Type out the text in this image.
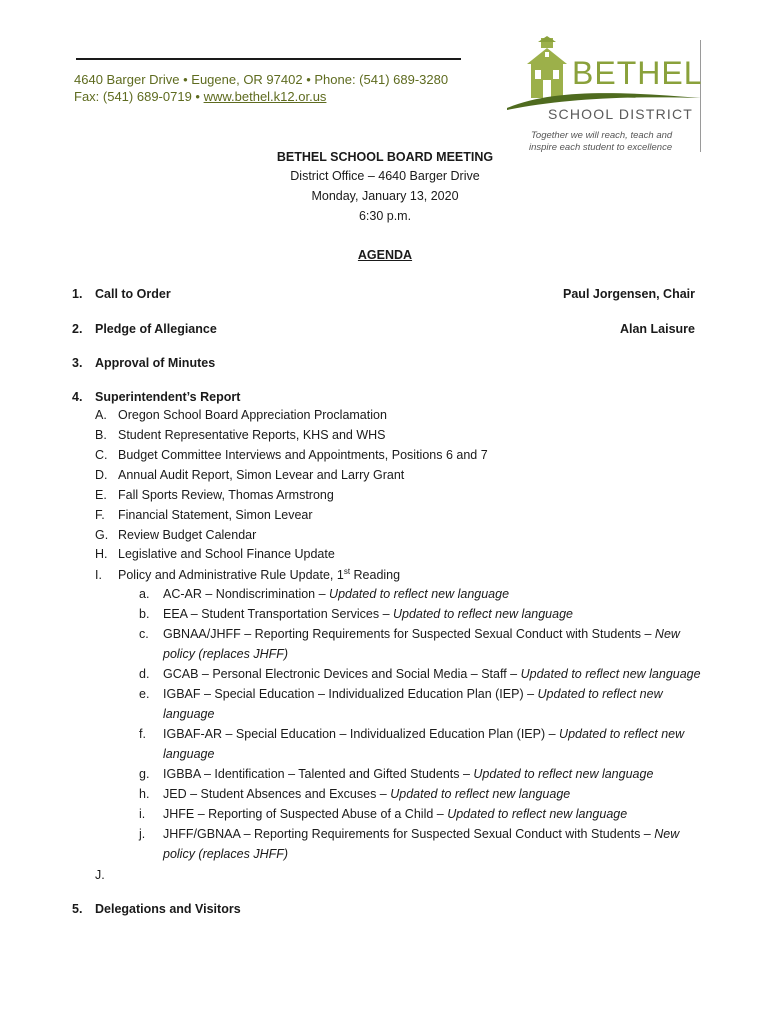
4640 Barger Drive • Eugene, OR 97402 • Phone: (541) 689-3280
Fax: (541) 689-0719 • www.bethel.k12.or.us
BETHEL
SCHOOL DISTRICT
Together we will reach, teach and
inspire each student to excellence
BETHEL SCHOOL BOARD MEETING
District Office – 4640 Barger Drive
Monday, January 13, 2020
6:30 p.m.
AGENDA
1. Call to Order	Paul Jorgensen, Chair
2. Pledge of Allegiance	Alan Laisure
3. Approval of Minutes
4. Superintendent’s Report
A. Oregon School Board Appreciation Proclamation
B. Student Representative Reports, KHS and WHS
C. Budget Committee Interviews and Appointments, Positions 6 and 7
D. Annual Audit Report, Simon Levear and Larry Grant
E. Fall Sports Review, Thomas Armstrong
F. Financial Statement, Simon Levear
G. Review Budget Calendar
H. Legislative and School Finance Update
I. Policy and Administrative Rule Update, 1st Reading
a. AC-AR – Nondiscrimination – Updated to reflect new language
b. EEA – Student Transportation Services – Updated to reflect new language
c. GBNAA/JHFF – Reporting Requirements for Suspected Sexual Conduct with Students – New policy (replaces JHFF)
d. GCAB – Personal Electronic Devices and Social Media – Staff – Updated to reflect new language
e. IGBAF – Special Education – Individualized Education Plan (IEP) – Updated to reflect new language
f. IGBAF-AR – Special Education – Individualized Education Plan (IEP) – Updated to reflect new language
g. IGBBA – Identification – Talented and Gifted Students – Updated to reflect new language
h. JED – Student Absences and Excuses – Updated to reflect new language
i. JHFE – Reporting of Suspected Abuse of a Child – Updated to reflect new language
j. JHFF/GBNAA – Reporting Requirements for Suspected Sexual Conduct with Students – New policy (replaces JHFF)
J.
5. Delegations and Visitors
